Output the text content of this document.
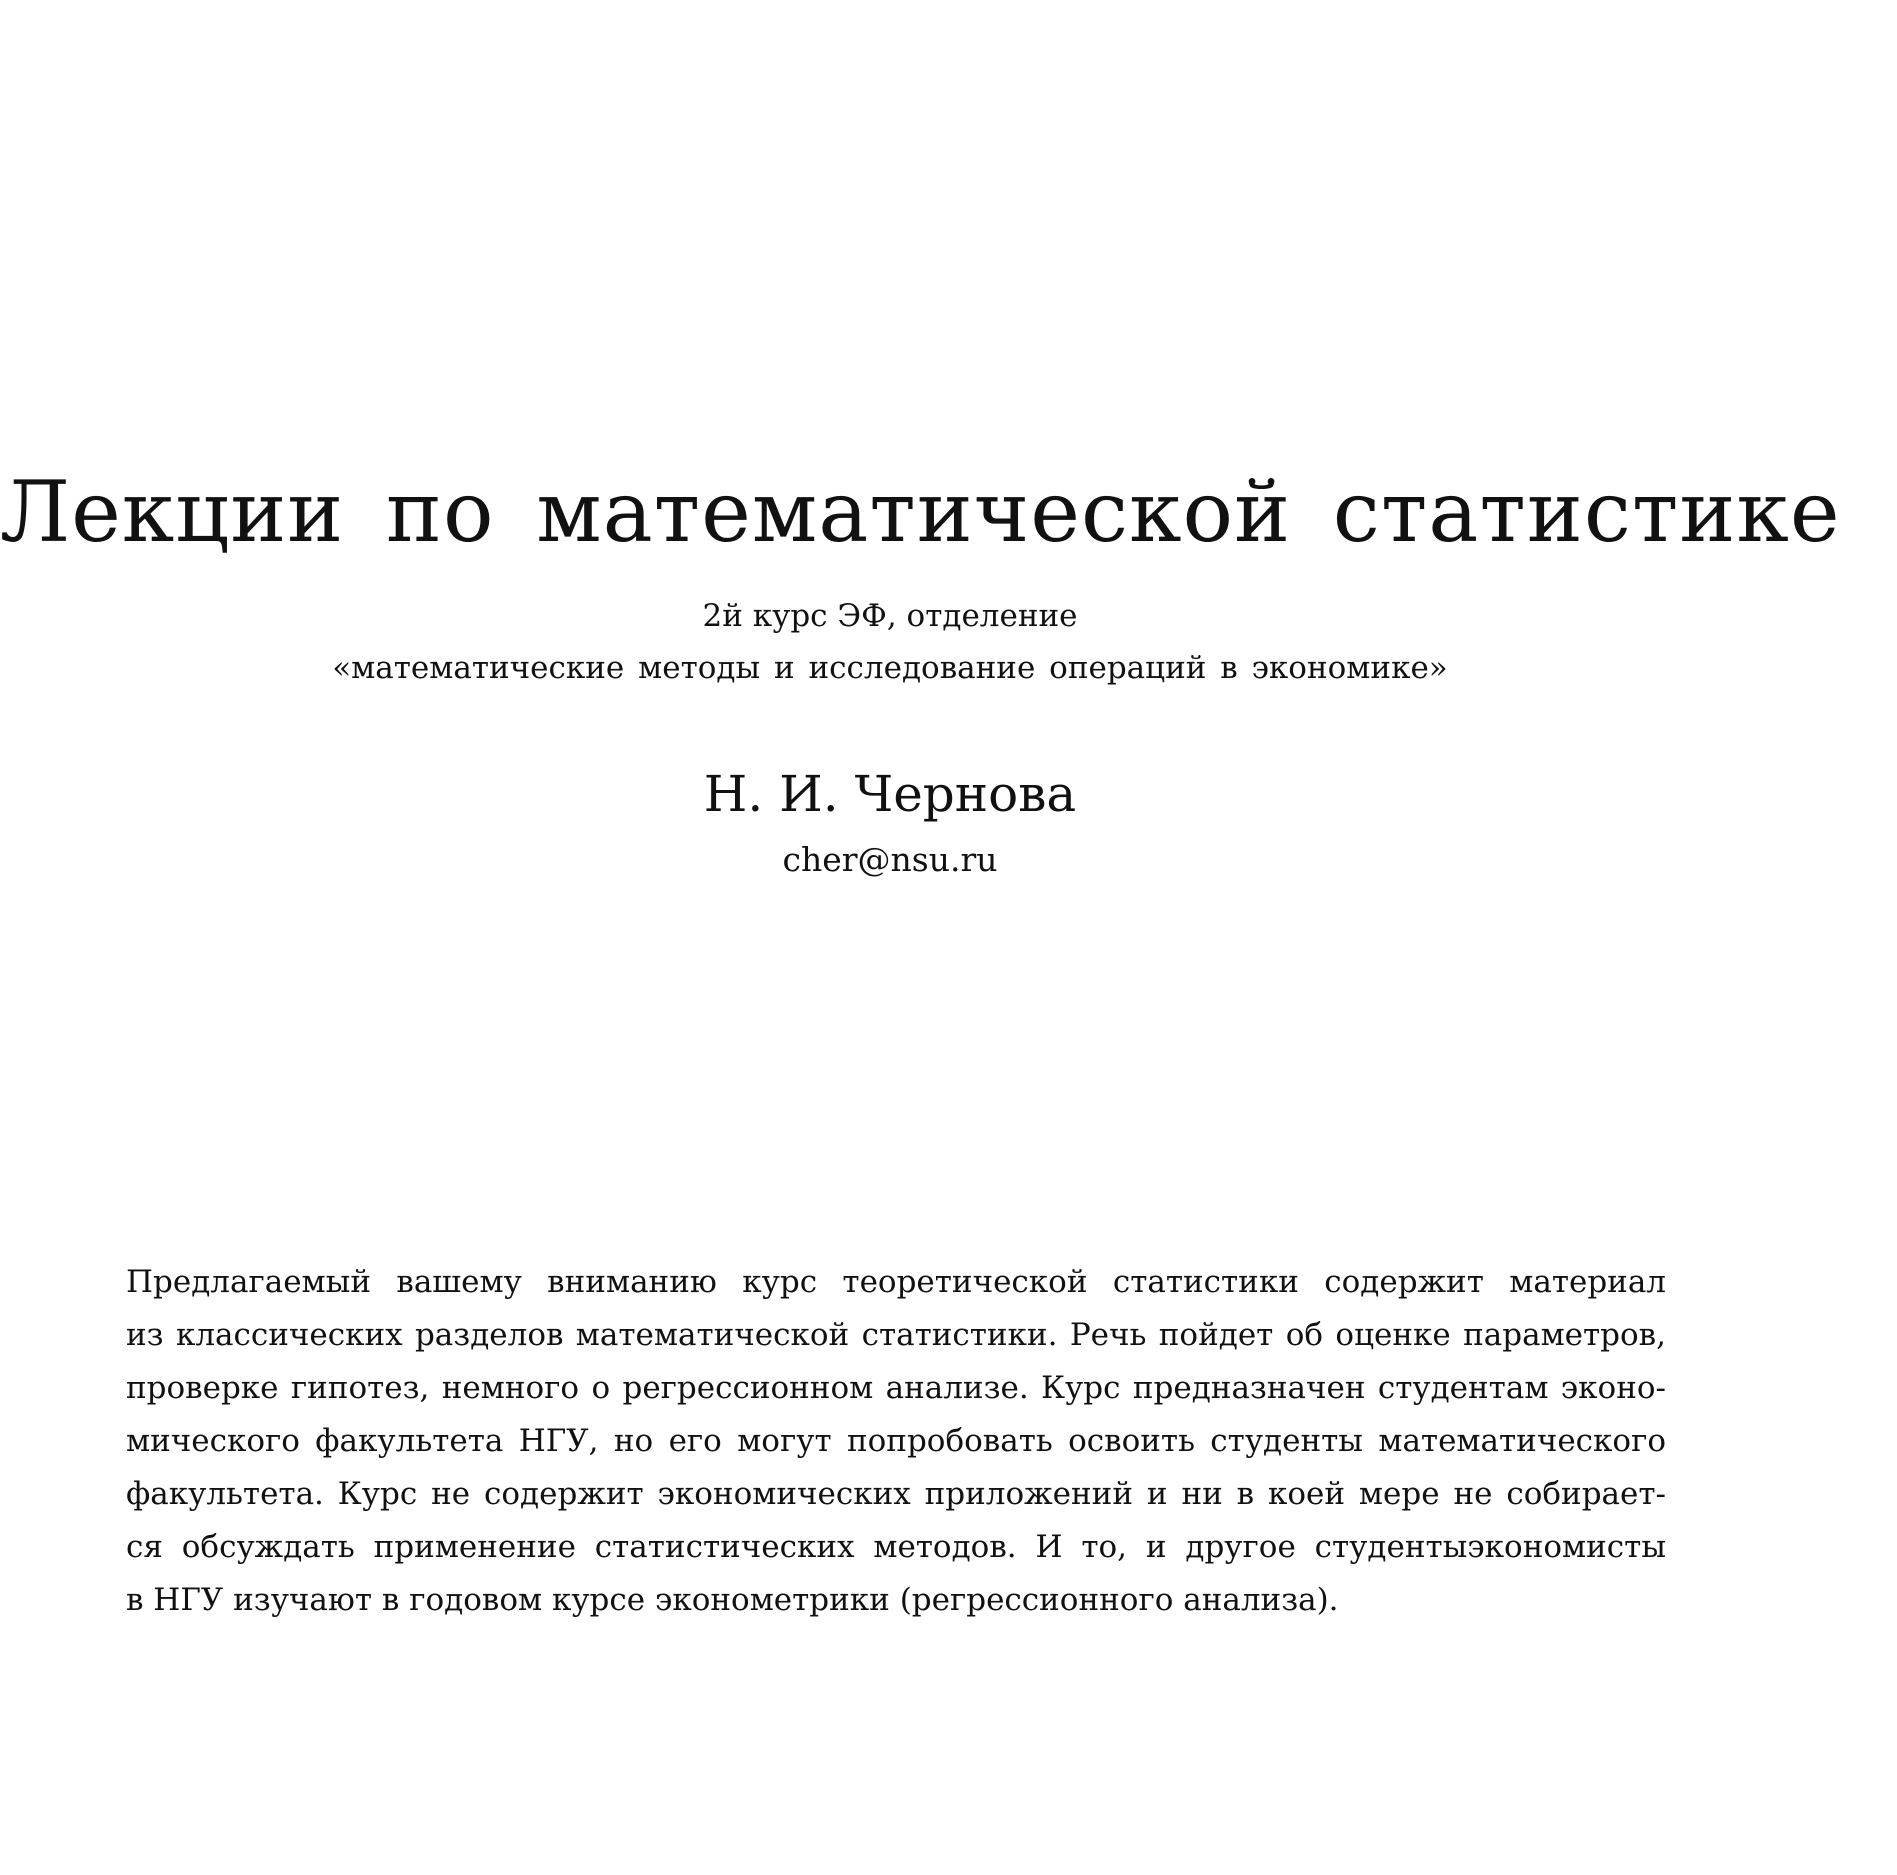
Лекции по математической статистике

2й курс ЭФ, отделение

«математические методы и исследование операций в экономике»

Н. И. Чернова

cher@nsu.ru

Предлагаемый вашему вниманию курс теоретической статистики содержит материал
из классических разделов математической статистики. Речь пойдет об оценке параметров,
проверке гипотез, немного о регрессионном анализе. Курс предназначен студентам эконо-
мического факультета НГУ, но его могут попробовать освоить студенты математического
факультета. Курс не содержит экономических приложений и ни в коей мере не собирает-
ся обсуждать применение статистических методов. И то, и другое студентыэкономисты
в НГУ изучают в годовом курсе эконометрики (регрессионного анализа).
